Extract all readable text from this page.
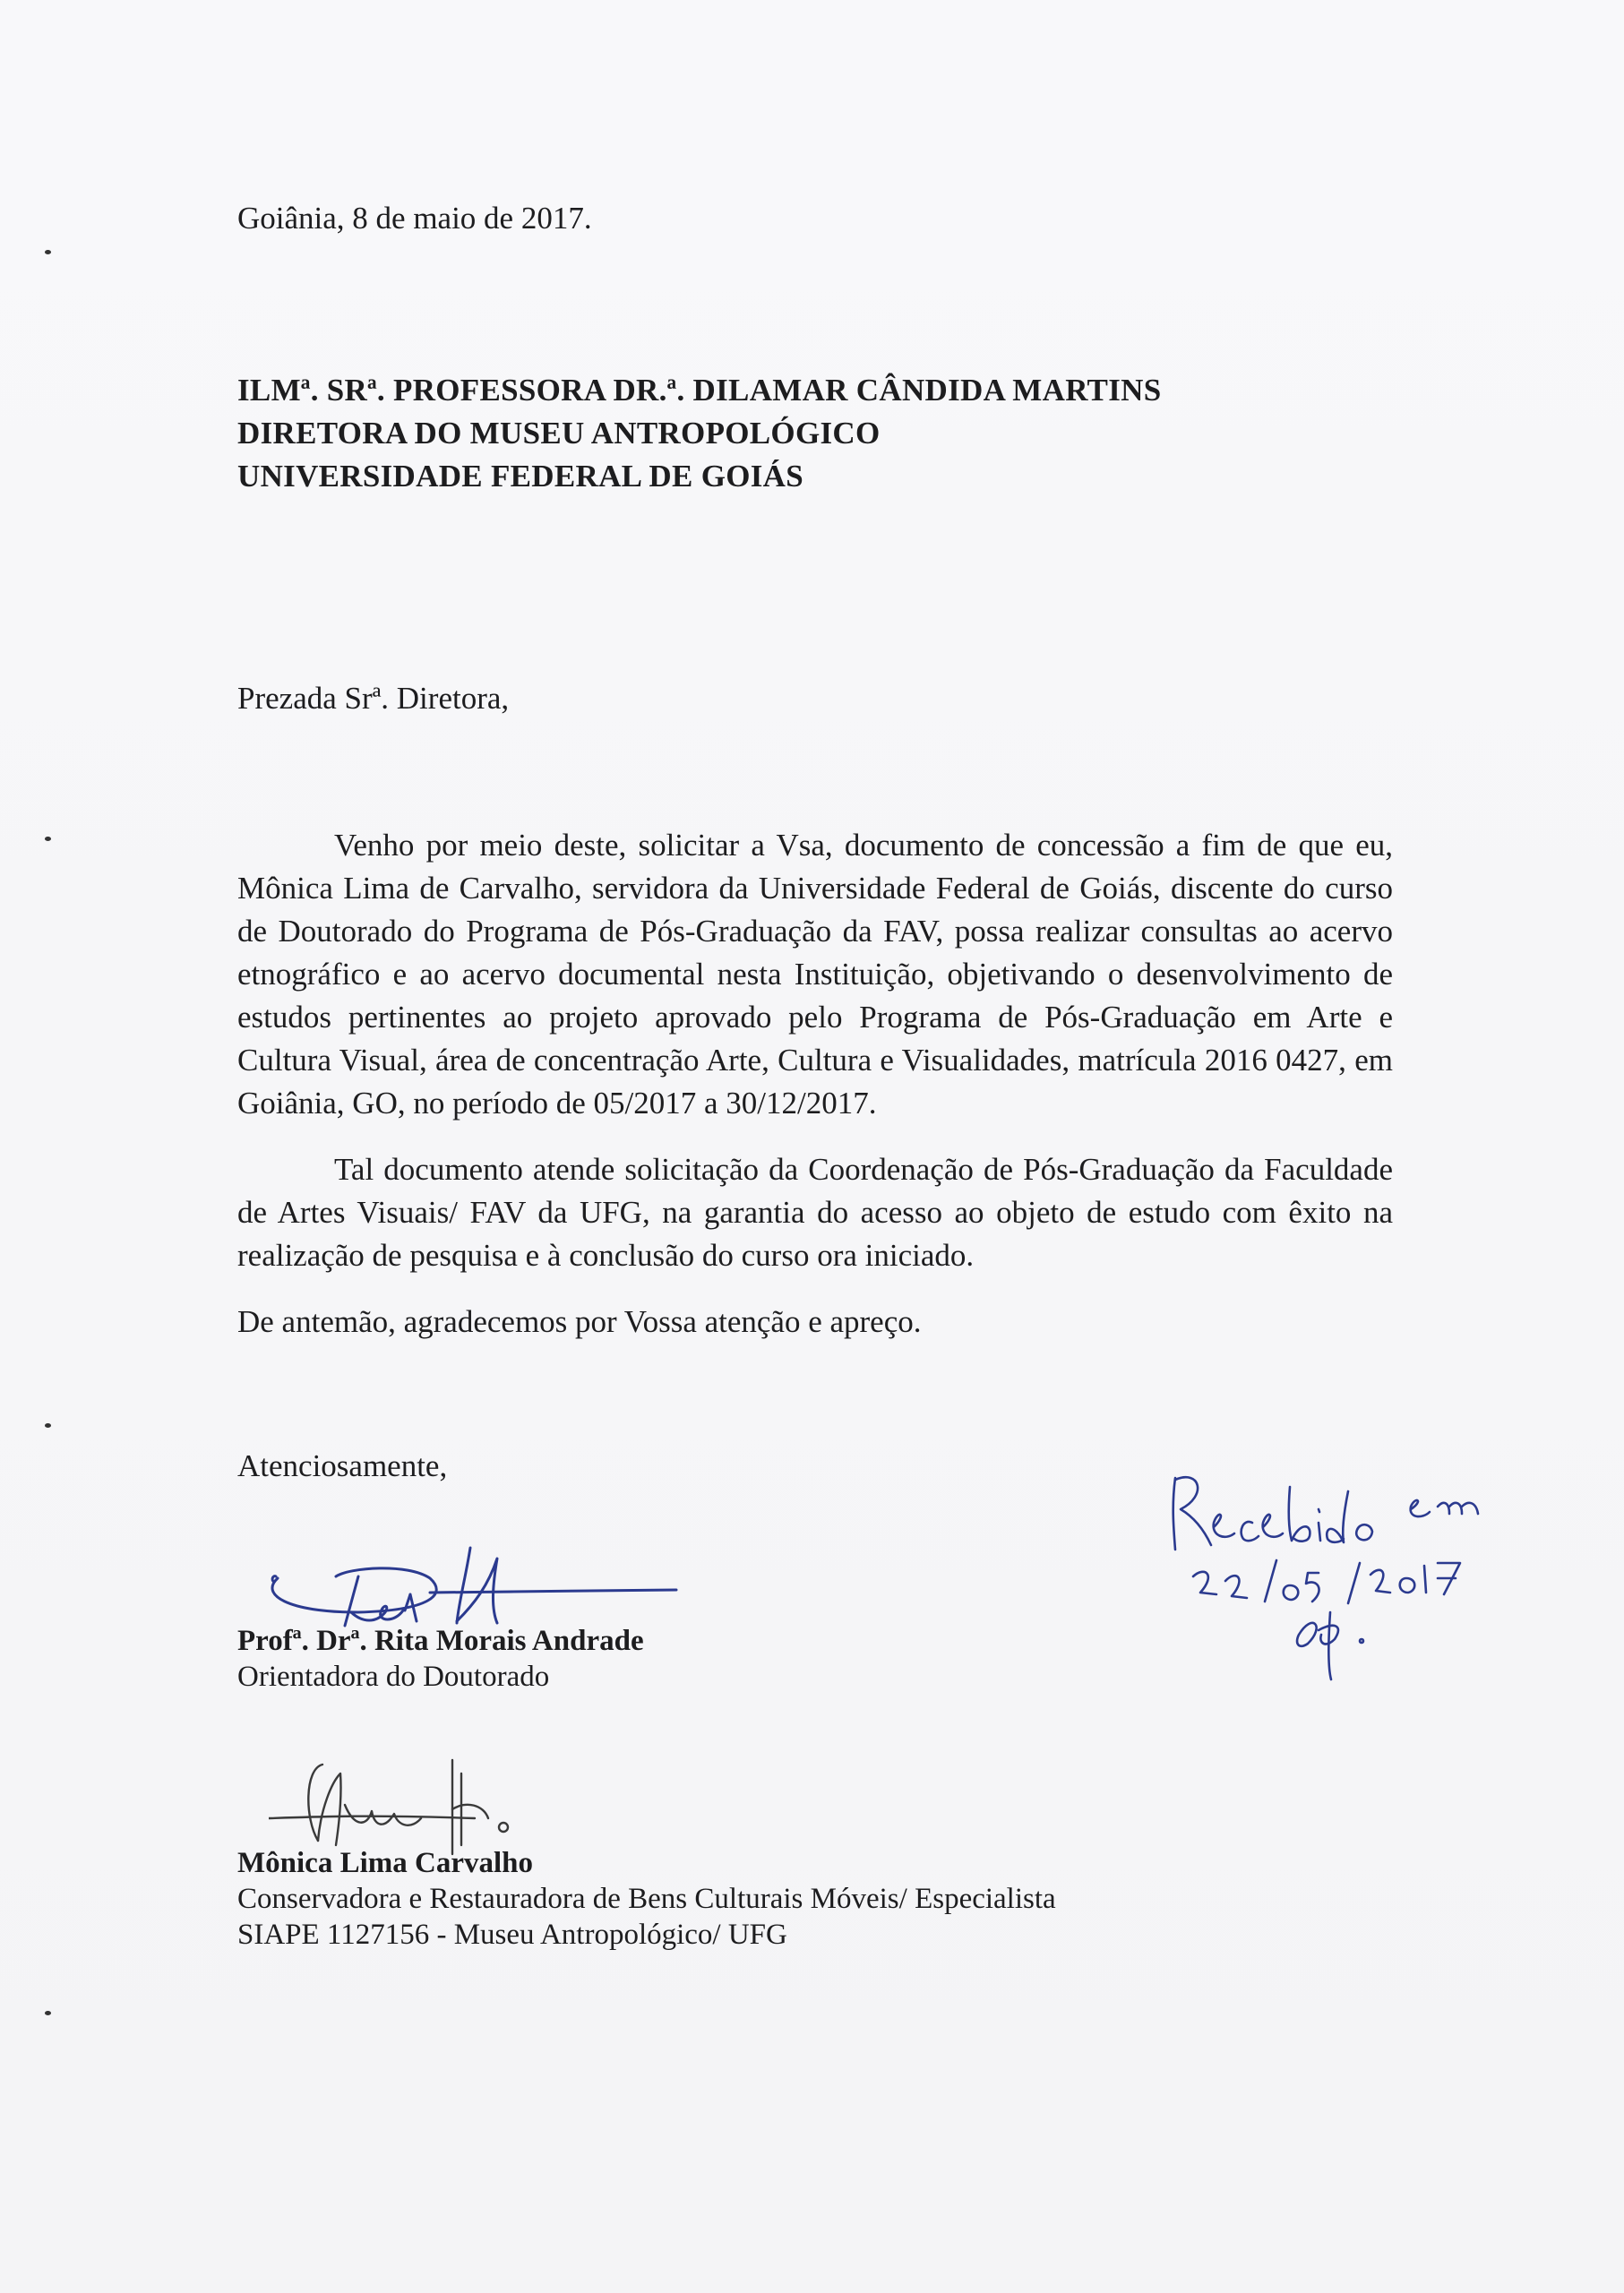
Goiânia, 8 de maio de 2017.
ILMª. SRª. PROFESSORA DR.ª. DILAMAR CÂNDIDA MARTINS
DIRETORA DO MUSEU ANTROPOLÓGICO
UNIVERSIDADE FEDERAL DE GOIÁS
Prezada Srª. Diretora,

Venho por meio deste, solicitar a Vsa, documento de concessão a fim de que eu, Mônica Lima de Carvalho, servidora da Universidade Federal de Goiás, discente do curso de Doutorado do Programa de Pós-Graduação da FAV, possa realizar consultas ao acervo etnográfico e ao acervo documental nesta Instituição, objetivando o desenvolvimento de estudos pertinentes ao projeto aprovado pelo Programa de Pós-Graduação em Arte e Cultura Visual, área de concentração Arte, Cultura e Visualidades, matrícula 2016 0427, em Goiânia, GO, no período de 05/2017 a 30/12/2017.

Tal documento atende solicitação da Coordenação de Pós-Graduação da Faculdade de Artes Visuais/ FAV da UFG, na garantia do acesso ao objeto de estudo com êxito na realização de pesquisa e à conclusão do curso ora iniciado.

De antemão, agradecemos por Vossa atenção e apreço.

Atenciosamente,
Profª. Drª. Rita Morais Andrade
Orientadora do Doutorado
Mônica Lima Carvalho
Conservadora e Restauradora de Bens Culturais Móveis/ Especialista
SIAPE 1127156 - Museu Antropológico/ UFG
